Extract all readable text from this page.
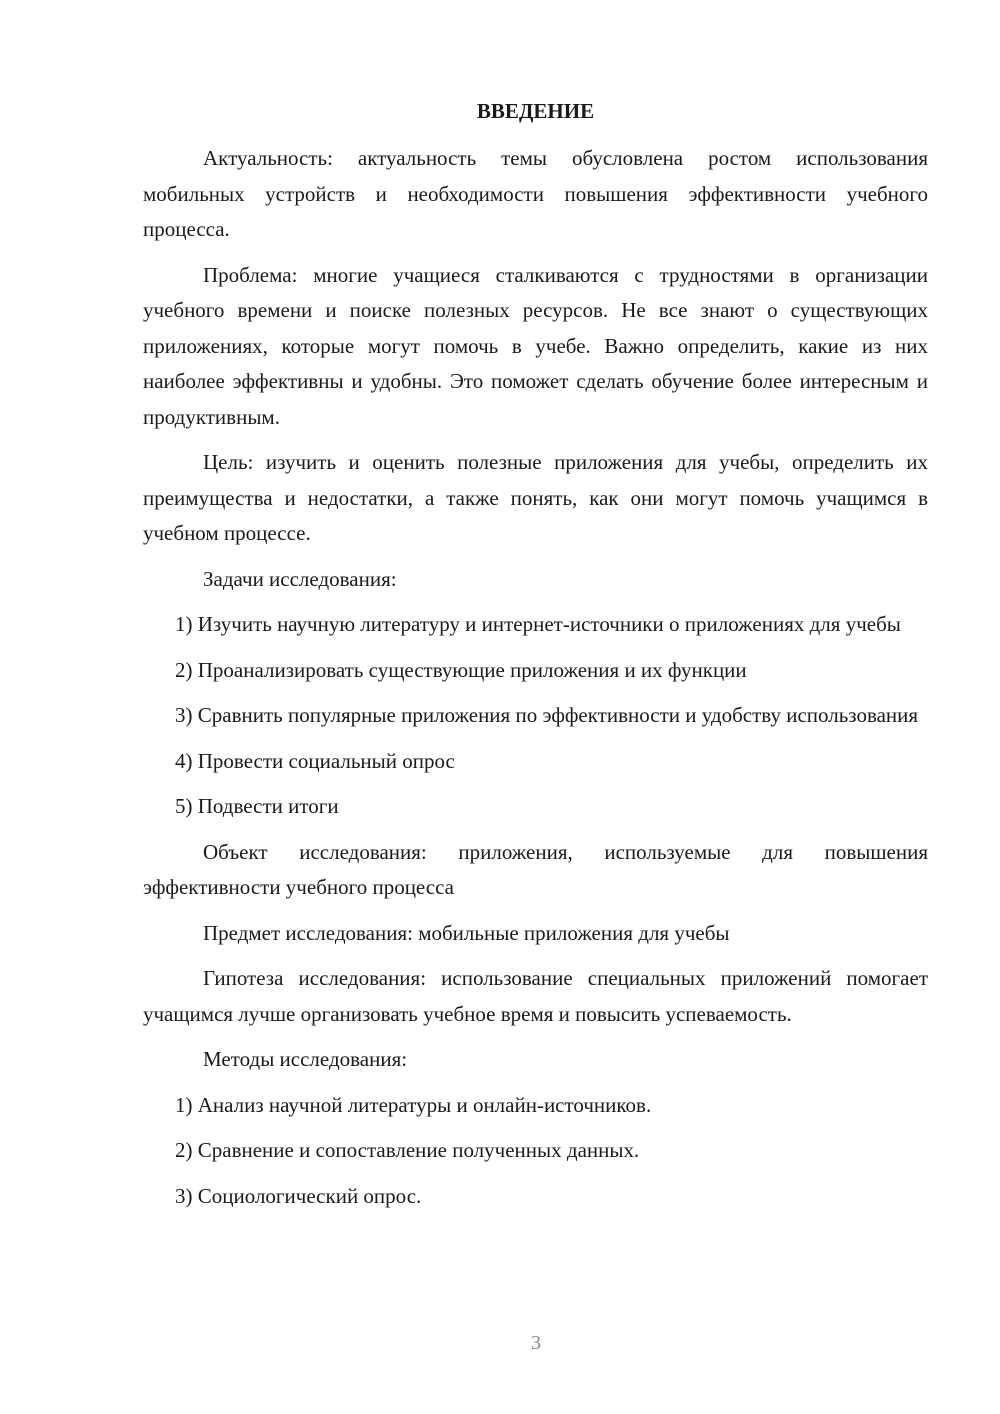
ВВЕДЕНИЕ

Актуальность: актуальность темы обусловлена ростом использования мобильных устройств и необходимости повышения эффективности учебного процесса.

Проблема: многие учащиеся сталкиваются с трудностями в организации учебного времени и поиске полезных ресурсов. Не все знают о существующих приложениях, которые могут помочь в учебе. Важно определить, какие из них наиболее эффективны и удобны. Это поможет сделать обучение более интересным и продуктивным.

Цель: изучить и оценить полезные приложения для учебы, определить их преимущества и недостатки, а также понять, как они могут помочь учащимся в учебном процессе.

Задачи исследования:

1) Изучить научную литературу и интернет-источники о приложениях для учебы

2) Проанализировать существующие приложения и их функции

3) Сравнить популярные приложения по эффективности и удобству использования

4) Провести социальный опрос

5) Подвести итоги

Объект исследования: приложения, используемые для повышения эффективности учебного процесса

Предмет исследования: мобильные приложения для учебы

Гипотеза исследования: использование специальных приложений помогает учащимся лучше организовать учебное время и повысить успеваемость.

Методы исследования:

1) Анализ научной литературы и онлайн-источников.

2) Сравнение и сопоставление полученных данных.

3) Социологический опрос.

3
